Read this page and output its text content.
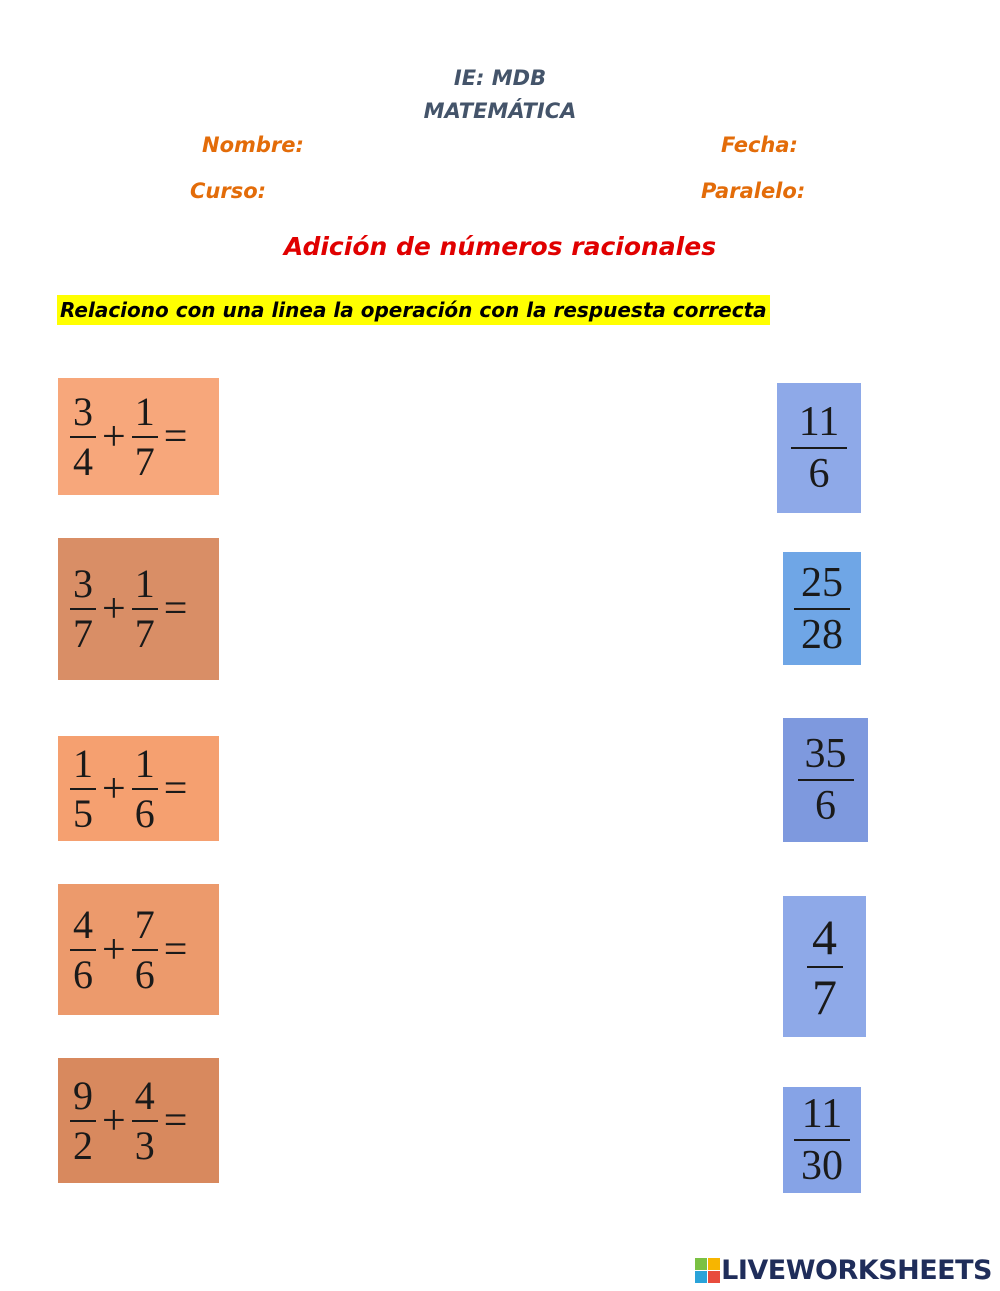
IE: MDB
MATEMÁTICA
Nombre:	Fecha:
Curso:	Paralelo:
Adición de números racionales
Relaciono con una linea la operación con la respuesta correcta
$\frac{3}{4} + \frac{1}{7}$ =
$\frac{3}{7} + \frac{1}{7}$ =
$\frac{1}{5} + \frac{1}{6}$ =
$\frac{4}{6} + \frac{7}{6}$ =
$\frac{9}{2} + \frac{4}{3}$ =
$\frac{11}{6}$
$\frac{25}{28}$
$\frac{35}{6}$
$\frac{4}{7}$
$\frac{11}{30}$
LIVEWORKSHEETS
